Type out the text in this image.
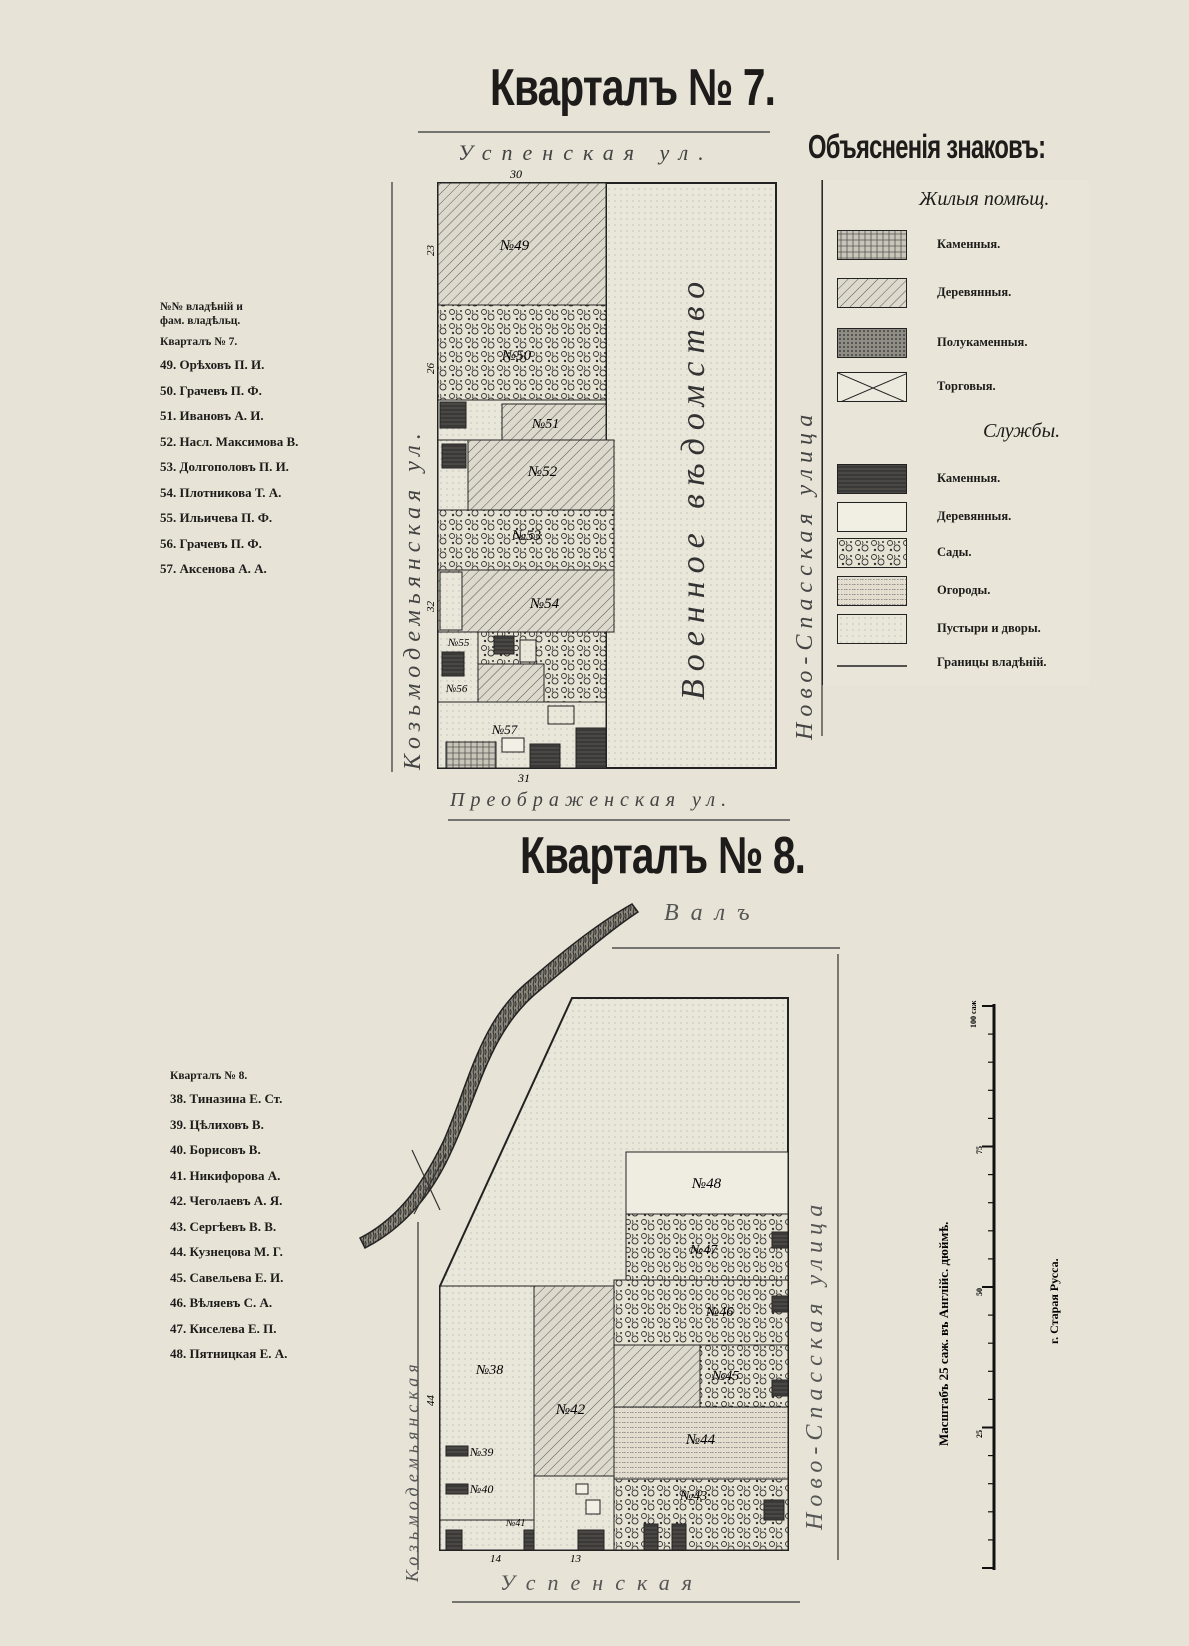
Кварталъ № 7.
Кварталъ № 8.
Объясненія знаковъ:
№№ владѣній и
фам. владѣльц.
Кварталъ № 7.
49. Орѣховъ П. И.
50. Грачевъ П. Ф.
51. Ивановъ А. И.
52. Насл. Максимова В.
53. Долгополовъ П. И.
54. Плотникова Т. А.
55. Ильичева П. Ф.
56. Грачевъ П. Ф.
57. Аксенова А. А.
Кварталъ № 8.
38. Тиназина Е. Ст.
39. Цѣлиховъ В.
40. Борисовъ В.
41. Никифорова А.
42. Чеголаевъ А. Я.
43. Сергѣевъ В. В.
44. Кузнецова М. Г.
45. Савельева Е. И.
46. Вѣляевъ С. А.
47. Киселева Е. П.
48. Пятницкая Е. А.
Успенская ул.
Преображенская ул.
Козьмодемьянская ул.	Ново-Спасская улица
Военное вѣдомство
30
31
23
26
32
№49
№50
№51
№52
№53
№54
№55
№56
№57
Валъ
Успенская
Козьмодемьянская	Ново-Спасская улица
44
14	13
№38
№39
№40
№41
№42
№43
№44
№45
№46
№47
№48
100 саж
75
50
25
Масштабъ 25 саж. въ Англійс. дюймѣ.	г. Старая Русса.
Жилыя помѣщ.
Каменныя.
Деревянныя.
Полукаменныя.
Торговыя.
Службы.
Каменныя.
Деревянныя.
Сады.
Огороды.
Пустыри и дворы.
Границы владѣній.
